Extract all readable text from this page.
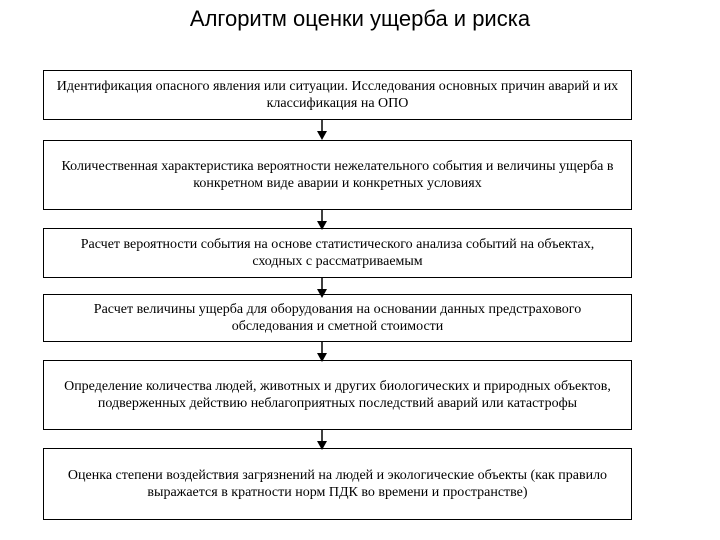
Алгоритм оценки ущерба и риска
Идентификация опасного явления или ситуации. Исследования основных причин аварий и их классификация на ОПО
Количественная характеристика вероятности нежелательного события и величины ущерба в конкретном виде аварии и конкретных условиях
Расчет вероятности события на основе статистического анализа событий на объектах, сходных с рассматриваемым
Расчет величины ущерба для оборудования на основании данных предстрахового обследования и сметной стоимости
Определение количества людей, животных и других биологических и природных объектов, подверженных действию неблагоприятных последствий аварий или катастрофы
Оценка степени воздействия загрязнений на людей и экологические объекты (как правило выражается в кратности норм ПДК во времени и пространстве)
